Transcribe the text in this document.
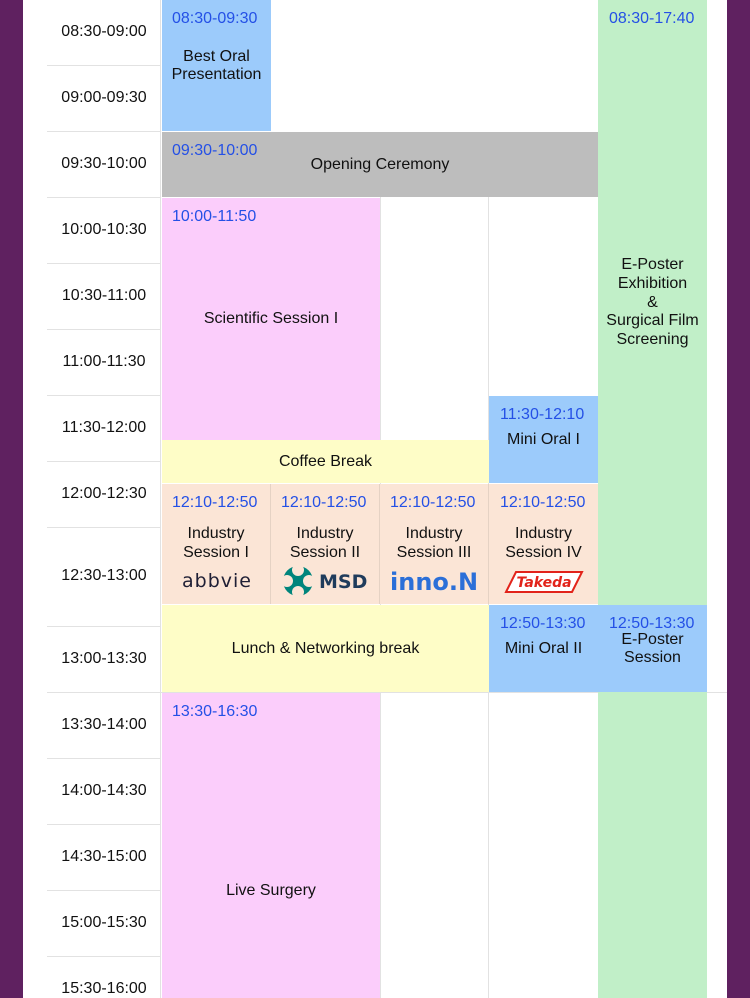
08:30-09:00
09:00-09:30
09:30-10:00
10:00-10:30
10:30-11:00
11:00-11:30
11:30-12:00
12:00-12:30
12:30-13:00
13:00-13:30
13:30-14:00
14:00-14:30
14:30-15:00
15:00-15:30
15:30-16:00
08:30-09:30
Best Oral
Presentation
08:30-17:40
E-Poster
Exhibition
&
Surgical Film
Screening
09:30-10:00
Opening Ceremony
10:00-11:50
Scientific Session I
11:30-12:10
Mini Oral I
Coffee Break
12:10-12:50
Industry
Session I
abbvie
12:10-12:50
Industry
Session II
MSD
12:10-12:50
Industry
Session III
inno.N
12:10-12:50
Industry
Session IV
Takeda
Lunch & Networking break
12:50-13:30
Mini Oral II
12:50-13:30
E-Poster
Session
13:30-16:30
Live Surgery
